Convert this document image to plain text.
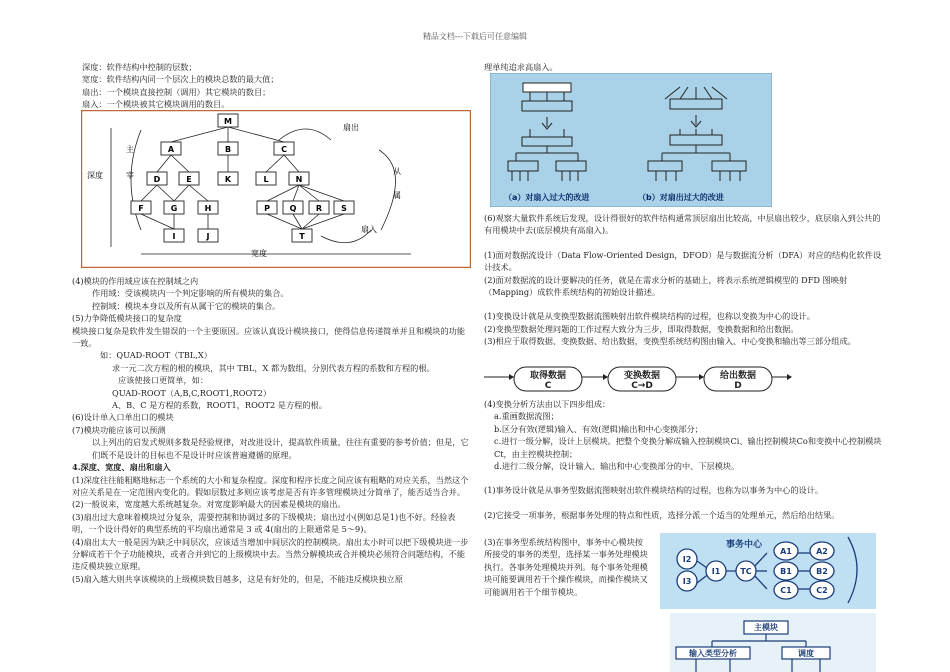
精品文档---下载后可任意编辑
深度：软件结构中控制的层数；
宽度：软件结构内同一个层次上的模块总数的最大值；
扇出：一个模块直接控制（调用）其它模块的数目；
扇入：一个模块被其它模块调用的数目。
M
A	B	C
D	E	K	L	N
F	G	H	P Q R S
I	J	T
扇出
扇入
深度
宽度
主
宰	从
属
(4)模块的作用域应该在控制域之内
作用域：受该模块内一个判定影响的所有模块的集合。
控制域：模块本身以及所有从属于它的模块的集合。
(5)力争降低模块接口的复杂度
模块接口复杂是软件发生错误的一个主要原因。应该认真设计模块接口，使得信息传递简单并且和模块的功能一致。
如：QUAD-ROOT（TBL,X）
求一元二次方程的根的模块，其中 TBL，X 都为数组，分别代表方程的系数和方程的根。
应该使接口更简单，如：
QUAD-ROOT（A,B,C,ROOT1,ROOT2）
A、B、C 是方程的系数，ROOT1，ROOT2 是方程的根。
(6)设计单入口单出口的模块
(7)模块功能应该可以预测
以上列出的启发式规则多数是经验规律，对改进设计，提高软件质量，往往有重要的参考价值；但是，它们既不是设计的目标也不是设计时应该普遍遵循的原理。
4.深度、宽度、扇出和扇入
(1)深度往往能粗略地标志一个系统的大小和复杂程度。深度和程序长度之间应该有粗略的对应关系，当然这个对应关系是在一定范围内变化的。假如层数过多则应该考虑是否有许多管理模块过分简单了，能否适当合并。
(2)一般说来，宽度越大系统越复杂。对宽度影响最大的因素是模块的扇出。
(3)扇出过大意味着模块过分复杂，需要控制和协调过多的下级模块；扇出过小(例如总是1)也不好。经验表明，一个设计得好的典型系统的平均扇出通常是 3 或 4(扇出的上限通常是 5～9)。
(4)扇出太大一般是因为缺乏中间层次，应该适当增加中间层次的控制模块。扇出太小时可以把下级模块进一步分解成若干个子功能模块，或者合并到它的上级模块中去。当然分解模块或合并模块必须符合问题结构，不能违反模块独立原理。
(5)扇入越大则共享该模块的上级模块数目越多，这是有好处的，但是，不能违反模块独立原
理单纯追求高扇入。
（a）对扇入过大的改进	（b）对扇出过大的改进
(6)观察大量软件系统后发现，设计得很好的软件结构通常顶层扇出比较高，中层扇出较少，底层扇入到公共的有用模块中去(底层模块有高扇入)。
(1)面对数据流设计（Data Flow-Oriented Design，DFOD）是与数据流分析（DFA）对应的结构化软件设计技术。
(2)面对数据流的设计要解决的任务，就是在需求分析的基础上，将表示系统逻辑模型的 DFD 图映射（Mapping）成软件系统结构的初始设计描述。
(1)变换设计就是从变换型数据流图映射出软件模块结构的过程，也称以变换为中心的设计。
(2)变换型数据处理问题的工作过程大致分为三步，即取得数据，变换数据和给出数据。
(3)相应于取得数据、变换数据、给出数据，变换型系统结构图由输入、中心变换和输出等三部分组成。
取得数据
C
变换数据
C→D
给出数据
D
(4)变换分析方法由以下四步组成：
a.重画数据流图；
b.区分有效(逻辑)输入、有效(逻辑)输出和中心变换部分；
c.进行一级分解，设计上层模块。把整个变换分解成输入控制模块Ci、输出控制模块Co和变换中心控制模块Ct，由主控模块控制；
d.进行二级分解，设计输入、输出和中心变换部分的中、下层模块。
(1)事务设计就是从事务型数据流图映射出软件模块结构的过程，也称为以事务为中心的设计。
(2)它接受一项事务，根据事务处理的特点和性质，选择分派一个适当的处理单元，然后给出结果。
(3)在事务型系统结构图中，事务中心模块按所接受的事务的类型，选择某一事务处理模块执行。各事务处理模块并列。每个事务处理模块可能要调用若干个操作模块，而操作模块又可能调用若干个细节模块。
事务中心
I2
I3
I1	TC
A1	A2
B1	B2
C1	C2
主模块
输入类型分析	调度
